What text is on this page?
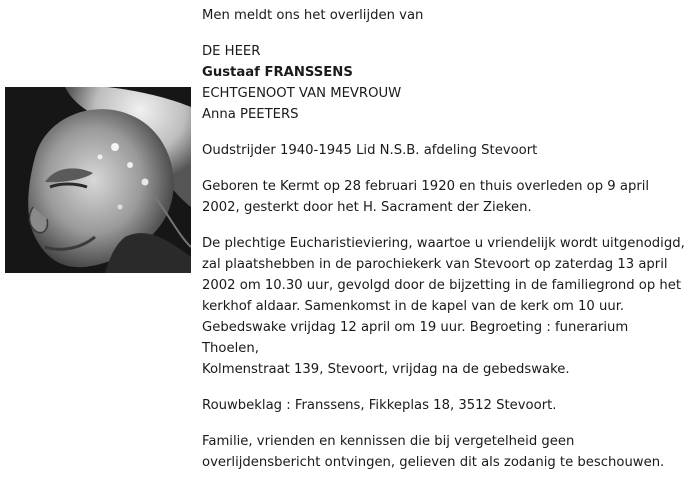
Men meldt ons het overlijden van

DE HEER

Gustaaf FRANSSENS

ECHTGENOOT VAN MEVROUW

Anna PEETERS

Oudstrijder 1940-1945 Lid N.S.B. afdeling Stevoort

Geboren te Kermt op 28 februari 1920 en thuis overleden op 9 april

2002, gesterkt door het H. Sacrament der Zieken.

De plechtige Eucharistieviering, waartoe u vriendelijk wordt uitgenodigd,

zal plaatshebben in de parochiekerk van Stevoort op zaterdag 13 april

2002 om 10.30 uur, gevolgd door de bijzetting in de familiegrond op het

kerkhof aldaar. Samenkomst in de kapel van de kerk om 10 uur.

Gebedswake vrijdag 12 april om 19 uur. Begroeting : funerarium Thoelen,

Kolmenstraat 139, Stevoort, vrijdag na de gebedswake.

Rouwbeklag : Franssens, Fikkeplas 18, 3512 Stevoort.

Familie, vrienden en kennissen die bij vergetelheid geen

overlijdensbericht ontvingen, gelieven dit als zodanig te beschouwen.
